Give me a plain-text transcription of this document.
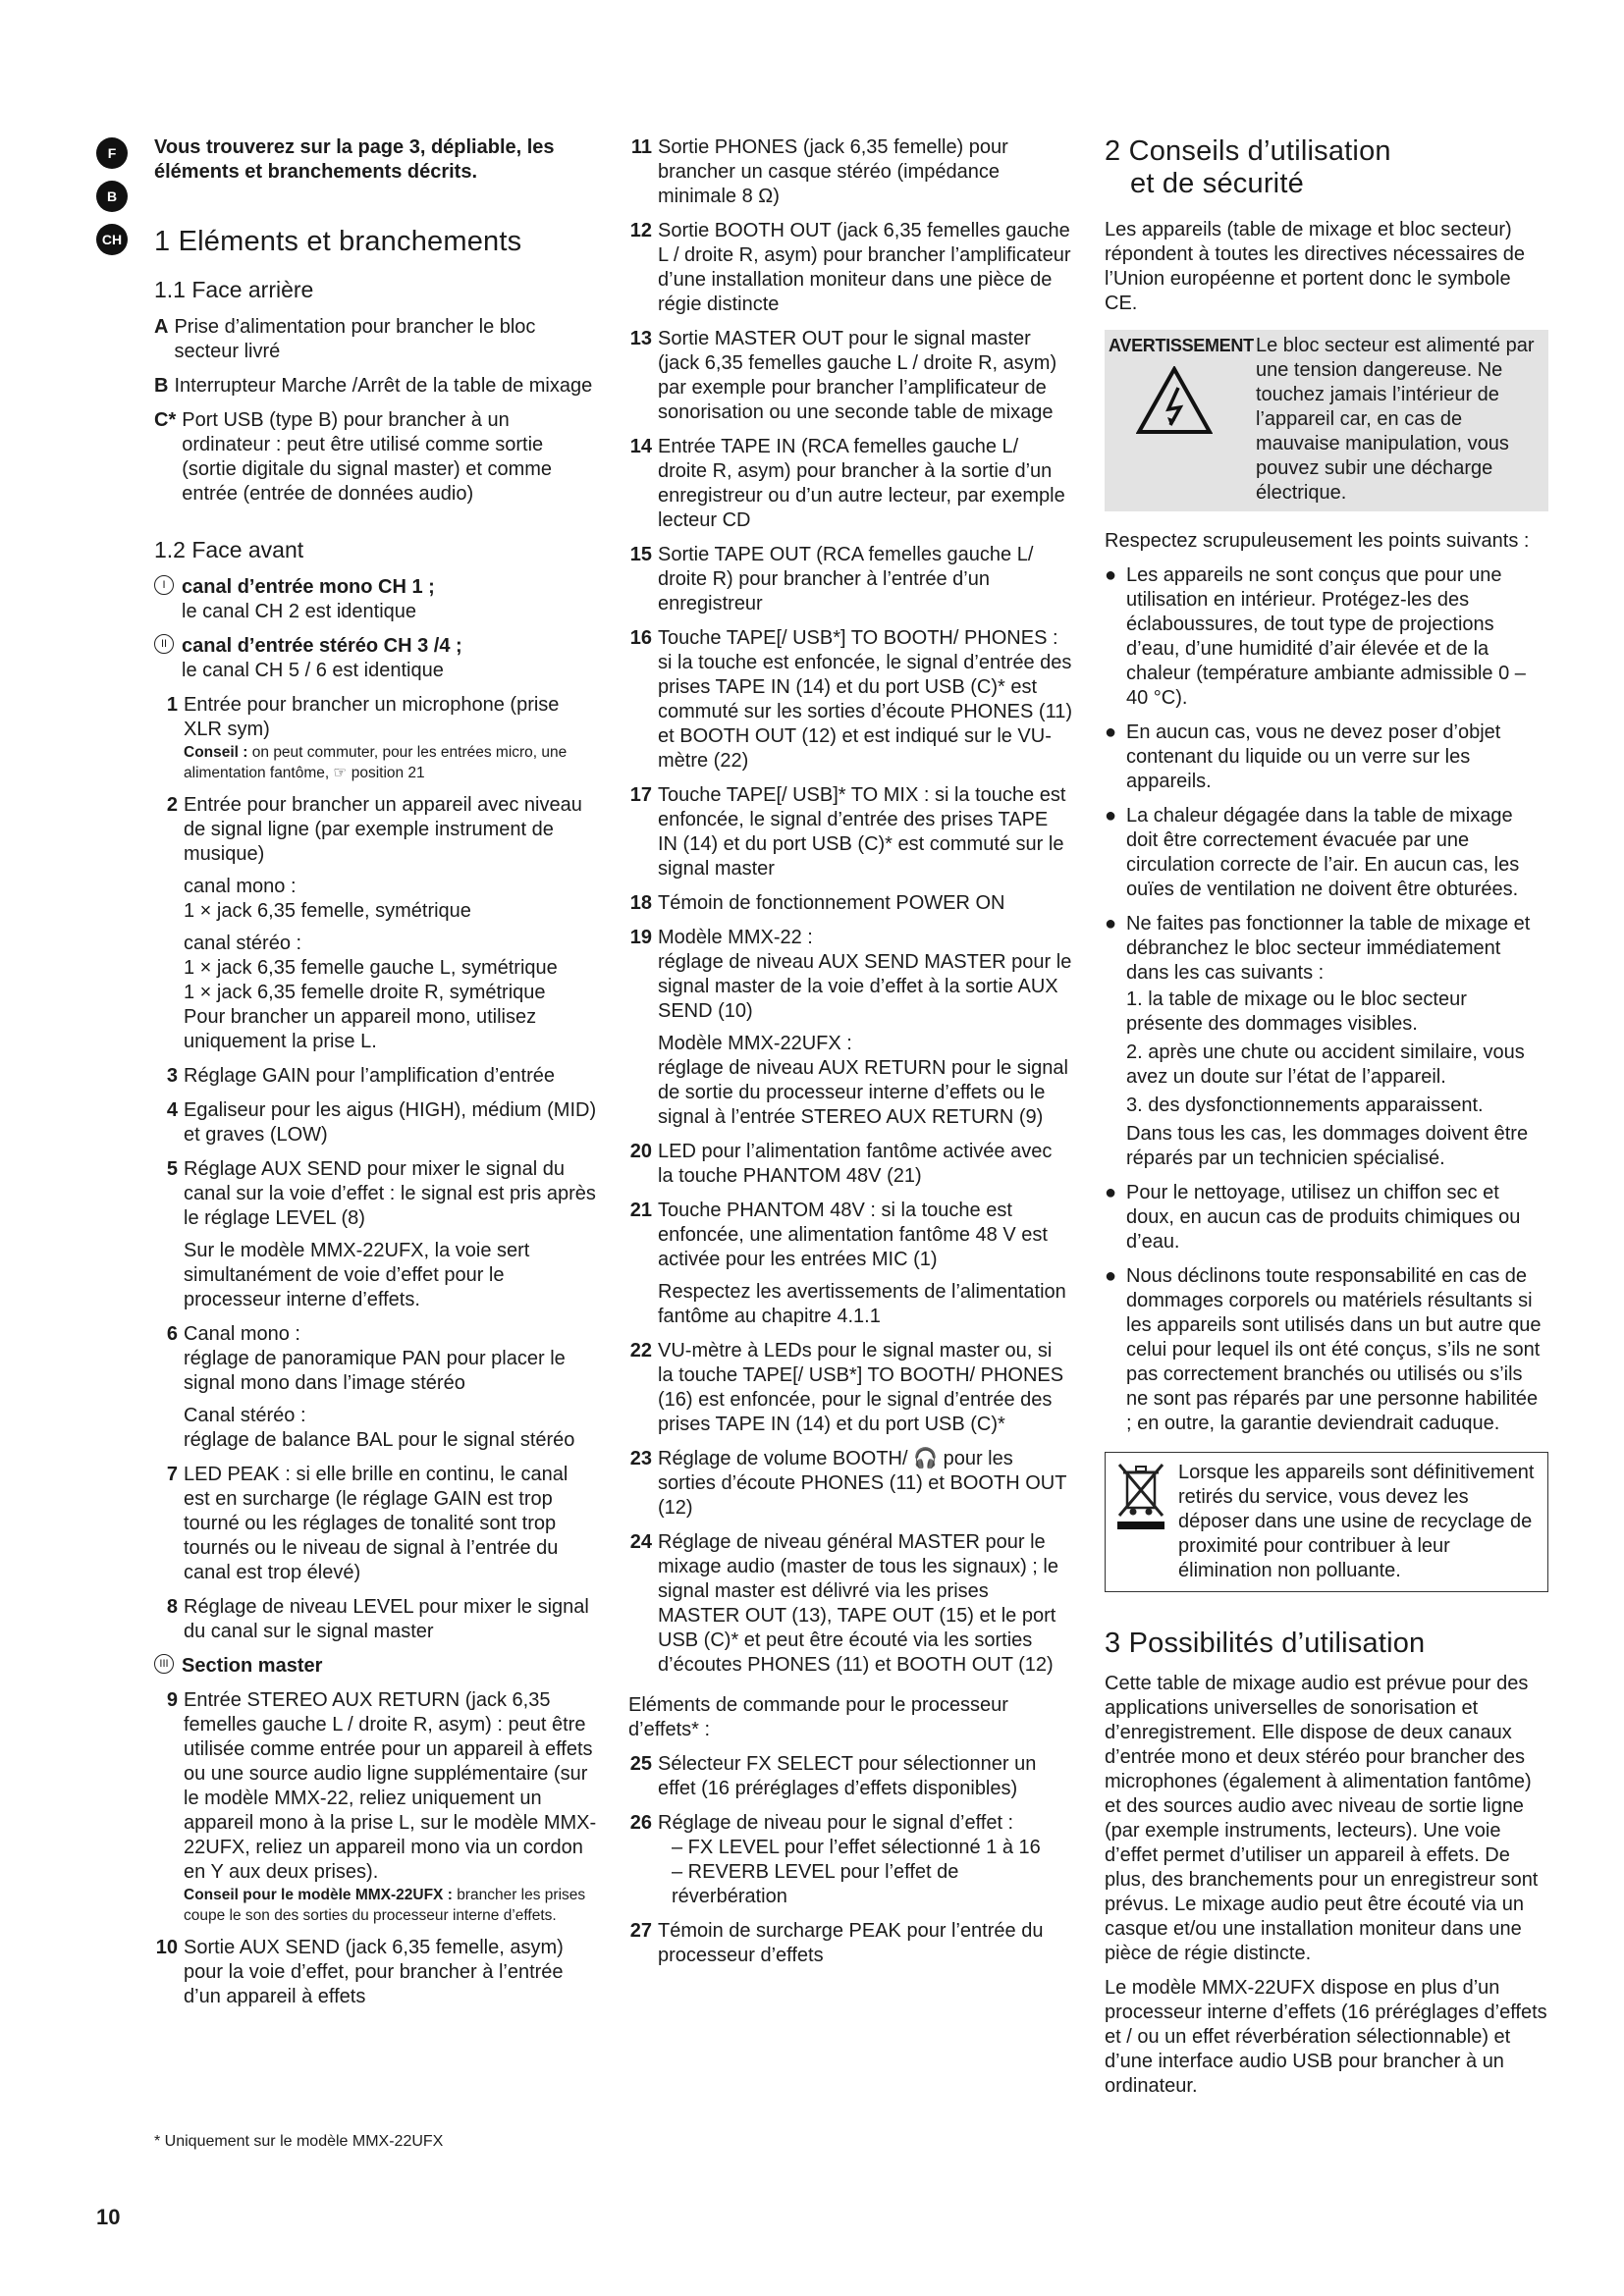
F
B
CH

Vous trouverez sur la page 3, dépliable, les éléments et branchements décrits.

1 Eléments et branchements
1.1 Face arrière
A Prise d’alimentation pour brancher le bloc secteur livré
B Interrupteur Marche /Arrêt de la table de mixage
C* Port USB (type B) pour brancher à un ordinateur : peut être utilisé comme sortie (sortie digitale du signal master) et comme entrée (entrée de données audio)
1.2 Face avant
I canal d’entrée mono CH 1 ;
le canal CH 2 est identique
II canal d’entrée stéréo CH 3 /4 ;
le canal CH 5 / 6 est identique
1 Entrée pour brancher un microphone (prise XLR sym)

Conseil : on peut commuter, pour les entrées micro, une alimentation fantôme, ☞ position 21

2 Entrée pour brancher un appareil avec niveau de signal ligne (par exemple instrument de musique)

canal mono :

1 × jack 6,35 femelle, symétrique

canal stéréo :

1 × jack 6,35 femelle gauche L, symétrique

1 × jack 6,35 femelle droite R, symétrique

Pour brancher un appareil mono, utilisez uniquement la prise L.

3 Réglage GAIN pour l’amplification d’entrée
4 Egaliseur pour les aigus (HIGH), médium (MID) et graves (LOW)
5 Réglage AUX SEND pour mixer le signal du canal sur la voie d’effet : le signal est pris après le réglage LEVEL (8)

Sur le modèle MMX-22UFX, la voie sert simultanément de voie d’effet pour le processeur interne d’effets.

6 Canal mono :

réglage de panoramique PAN pour placer le signal mono dans l’image stéréo

Canal stéréo :

réglage de balance BAL pour le signal stéréo

7 LED PEAK : si elle brille en continu, le canal est en surcharge (le réglage GAIN est trop tourné ou les réglages de tonalité sont trop tournés ou le niveau de signal à l’entrée du canal est trop élevé)
8 Réglage de niveau LEVEL pour mixer le signal du canal sur le signal master
III Section master
9 Entrée STEREO AUX RETURN (jack 6,35 femelles gauche L / droite R, asym) : peut être utilisée comme entrée pour un appareil à effets ou une source audio ligne supplémentaire (sur le modèle MMX-22, reliez uniquement un appareil mono à la prise L, sur le modèle MMX-22UFX, reliez un appareil mono via un cordon en Y aux deux prises).

Conseil pour le modèle MMX-22UFX : brancher les prises coupe le son des sorties du processeur interne d’effets.

10 Sortie AUX SEND (jack 6,35 femelle, asym) pour la voie d’effet, pour brancher à l’entrée d’un appareil à effets
11 Sortie PHONES (jack 6,35 femelle) pour brancher un casque stéréo (impédance minimale 8 Ω)
12 Sortie BOOTH OUT (jack 6,35 femelles gauche L / droite R, asym) pour brancher l’amplificateur d’une installation moniteur dans une pièce de régie distincte
13 Sortie MASTER OUT pour le signal master (jack 6,35 femelles gauche L / droite R, asym) par exemple pour brancher l’amplificateur de sonorisation ou une seconde table de mixage
14 Entrée TAPE IN (RCA femelles gauche L/ droite R, asym) pour brancher à la sortie d’un enregistreur ou d’un autre lecteur, par exemple lecteur CD
15 Sortie TAPE OUT (RCA femelles gauche L/ droite R) pour brancher à l’entrée d’un enregistreur
16 Touche TAPE[/ USB*] TO BOOTH/ PHONES : si la touche est enfoncée, le signal d’entrée des prises TAPE IN (14) et du port USB (C)* est commuté sur les sorties d’écoute PHONES (11) et BOOTH OUT (12) et est indiqué sur le VU-mètre (22)
17 Touche TAPE[/ USB]* TO MIX : si la touche est enfoncée, le signal d’entrée des prises TAPE IN (14) et du port USB (C)* est commuté sur le signal master
18 Témoin de fonctionnement POWER ON
19 Modèle MMX-22 :

réglage de niveau AUX SEND MASTER pour le signal master de la voie d’effet à la sortie AUX SEND (10)

Modèle MMX-22UFX :

réglage de niveau AUX RETURN pour le signal de sortie du processeur interne d’effets ou le signal à l’entrée STEREO AUX RETURN (9)

20 LED pour l’alimentation fantôme activée avec la touche PHANTOM 48V (21)
21 Touche PHANTOM 48V : si la touche est enfoncée, une alimentation fantôme 48 V est activée pour les entrées MIC (1)

Respectez les avertissements de l’alimentation fantôme au chapitre 4.1.1

22 VU-mètre à LEDs pour le signal master ou, si la touche TAPE[/ USB*] TO BOOTH/ PHONES (16) est enfoncée, pour le signal d’entrée des prises TAPE IN (14) et du port USB (C)*
23 Réglage de volume BOOTH/ 🎧 pour les sorties d’écoute PHONES (11) et BOOTH OUT (12)
24 Réglage de niveau général MASTER pour le mixage audio (master de tous les signaux) ; le signal master est délivré via les prises MASTER OUT (13), TAPE OUT (15) et le port USB (C)* et peut être écouté via les sorties d’écoutes PHONES (11) et BOOTH OUT (12)

Eléments de commande pour le processeur d’effets* :

25 Sélecteur FX SELECT pour sélectionner un effet (16 préréglages d’effets disponibles)
26 Réglage de niveau pour le signal d’effet :

– FX LEVEL pour l’effet sélectionné 1 à 16

– REVERB LEVEL pour l’effet de réverbération

27 Témoin de surcharge PEAK pour l’entrée du processeur d’effets
2 Conseils d’utilisation
et de sécurité

Les appareils (table de mixage et bloc secteur) répondent à toutes les directives nécessaires de l’Union européenne et portent donc le symbole CE.

AVERTISSEMENT Le bloc secteur est alimenté par une tension dangereuse. Ne touchez jamais l’intérieur de l’appareil car, en cas de mauvaise manipulation, vous pouvez subir une décharge électrique.

Respectez scrupuleusement les points suivants :

● Les appareils ne sont conçus que pour une utilisation en intérieur. Protégez-les des éclaboussures, de tout type de projections d’eau, d’une humidité d’air élevée et de la chaleur (température ambiante admissible 0 – 40 °C).
● En aucun cas, vous ne devez poser d’objet contenant du liquide ou un verre sur les appareils.
● La chaleur dégagée dans la table de mixage doit être correctement évacuée par une circulation correcte de l’air. En aucun cas, les ouïes de ventilation ne doivent être obturées.
● Ne faites pas fonctionner la table de mixage et débranchez le bloc secteur immédiatement dans les cas suivants :

1. la table de mixage ou le bloc secteur présente des dommages visibles.

2. après une chute ou accident similaire, vous avez un doute sur l’état de l’appareil.

3. des dysfonctionnements apparaissent.

Dans tous les cas, les dommages doivent être réparés par un technicien spécialisé.

● Pour le nettoyage, utilisez un chiffon sec et doux, en aucun cas de produits chimiques ou d’eau.
● Nous déclinons toute responsabilité en cas de dommages corporels ou matériels résultants si les appareils sont utilisés dans un but autre que celui pour lequel ils ont été conçus, s’ils ne sont pas correctement branchés ou utilisés ou s’ils ne sont pas réparés par une personne habilitée ; en outre, la garantie deviendrait caduque.
Lorsque les appareils sont définitivement retirés du service, vous devez les déposer dans une usine de recyclage de proximité pour contribuer à leur élimination non polluante.
3 Possibilités d’utilisation

Cette table de mixage audio est prévue pour des applications universelles de sonorisation et d’enregistrement. Elle dispose de deux canaux d’entrée mono et deux stéréo pour brancher des microphones (également à alimentation fantôme) et des sources audio avec niveau de sortie ligne (par exemple instruments, lecteurs). Une voie d’effet permet d’utiliser un appareil à effets. De plus, des branchements pour un enregistreur sont prévus. Le mixage audio peut être écouté via un casque et/ou une installation moniteur dans une pièce de régie distincte.

Le modèle MMX-22UFX dispose en plus d’un processeur interne d’effets (16 préréglages d’effets et / ou un effet réverbération sélectionnable) et d’une interface audio USB pour brancher à un ordinateur.

* Uniquement sur le modèle MMX-22UFX
10
